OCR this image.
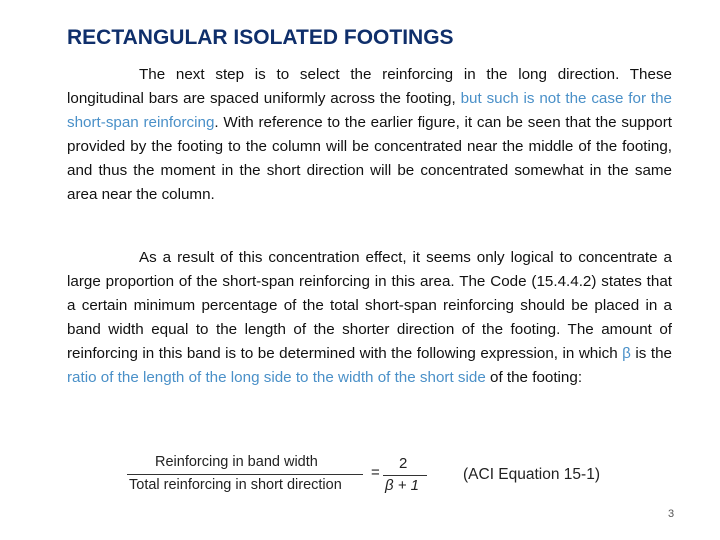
RECTANGULAR ISOLATED FOOTINGS

The next step is to select the reinforcing in the long direction. These longitudinal bars are spaced uniformly across the footing, but such is not the case for the short-span reinforcing. With reference to the earlier figure, it can be seen that the support provided by the footing to the column will be concentrated near the middle of the footing, and thus the moment in the short direction will be concentrated somewhat in the same area near the column.

As a result of this concentration effect, it seems only logical to concentrate a large proportion of the short-span reinforcing in this area. The Code (15.4.4.2) states that a certain minimum percentage of the total short-span reinforcing should be placed in a band width equal to the length of the shorter direction of the footing. The amount of reinforcing in this band is to be determined with the following expression, in which β is the ratio of the length of the long side to the width of the short side of the footing:

Reinforcing in band width
Total reinforcing in short direction
=
2
β + 1
(ACI Equation 15-1)
3
